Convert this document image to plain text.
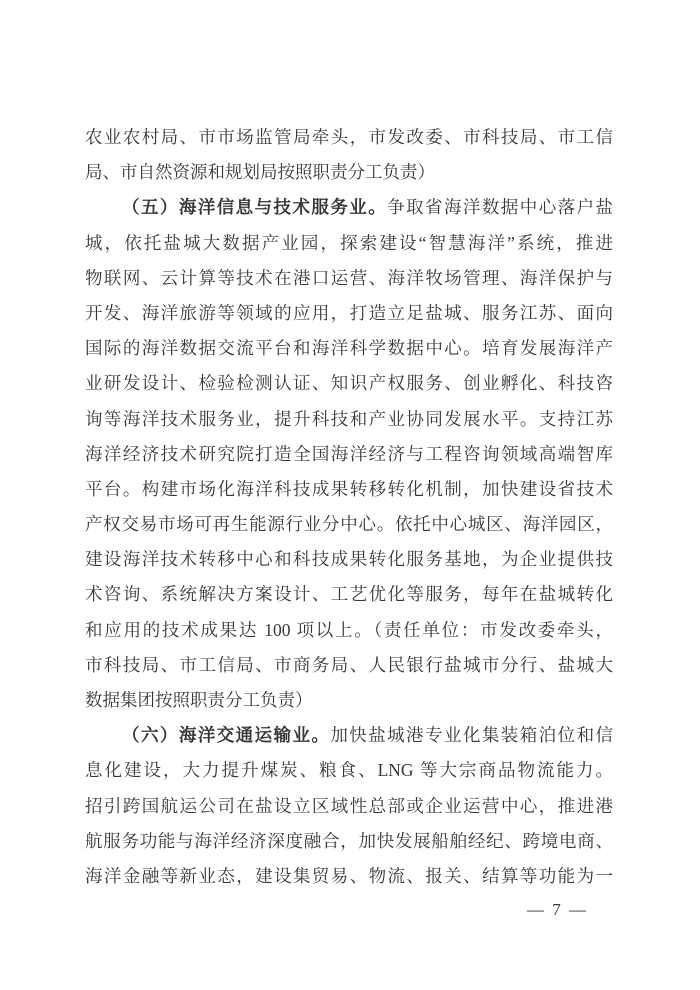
农业农村局、市市场监管局牵头，市发改委、市科技局、市工信
局、市自然资源和规划局按照职责分工负责）
（五）海洋信息与技术服务业。争取省海洋数据中心落户盐
城，依托盐城大数据产业园，探索建设“智慧海洋”系统，推进
物联网、云计算等技术在港口运营、海洋牧场管理、海洋保护与
开发、海洋旅游等领域的应用，打造立足盐城、服务江苏、面向
国际的海洋数据交流平台和海洋科学数据中心。培育发展海洋产
业研发设计、检验检测认证、知识产权服务、创业孵化、科技咨
询等海洋技术服务业，提升科技和产业协同发展水平。支持江苏
海洋经济技术研究院打造全国海洋经济与工程咨询领域高端智库
平台。构建市场化海洋科技成果转移转化机制，加快建设省技术
产权交易市场可再生能源行业分中心。依托中心城区、海洋园区，
建设海洋技术转移中心和科技成果转化服务基地，为企业提供技
术咨询、系统解决方案设计、工艺优化等服务，每年在盐城转化
和应用的技术成果达 100 项以上。（责任单位：市发改委牵头，
市科技局、市工信局、市商务局、人民银行盐城市分行、盐城大
数据集团按照职责分工负责）
（六）海洋交通运输业。加快盐城港专业化集装箱泊位和信
息化建设，大力提升煤炭、粮食、LNG 等大宗商品物流能力。
招引跨国航运公司在盐设立区域性总部或企业运营中心，推进港
航服务功能与海洋经济深度融合，加快发展船舶经纪、跨境电商、
海洋金融等新业态，建设集贸易、物流、报关、结算等功能为一
— 7 —
